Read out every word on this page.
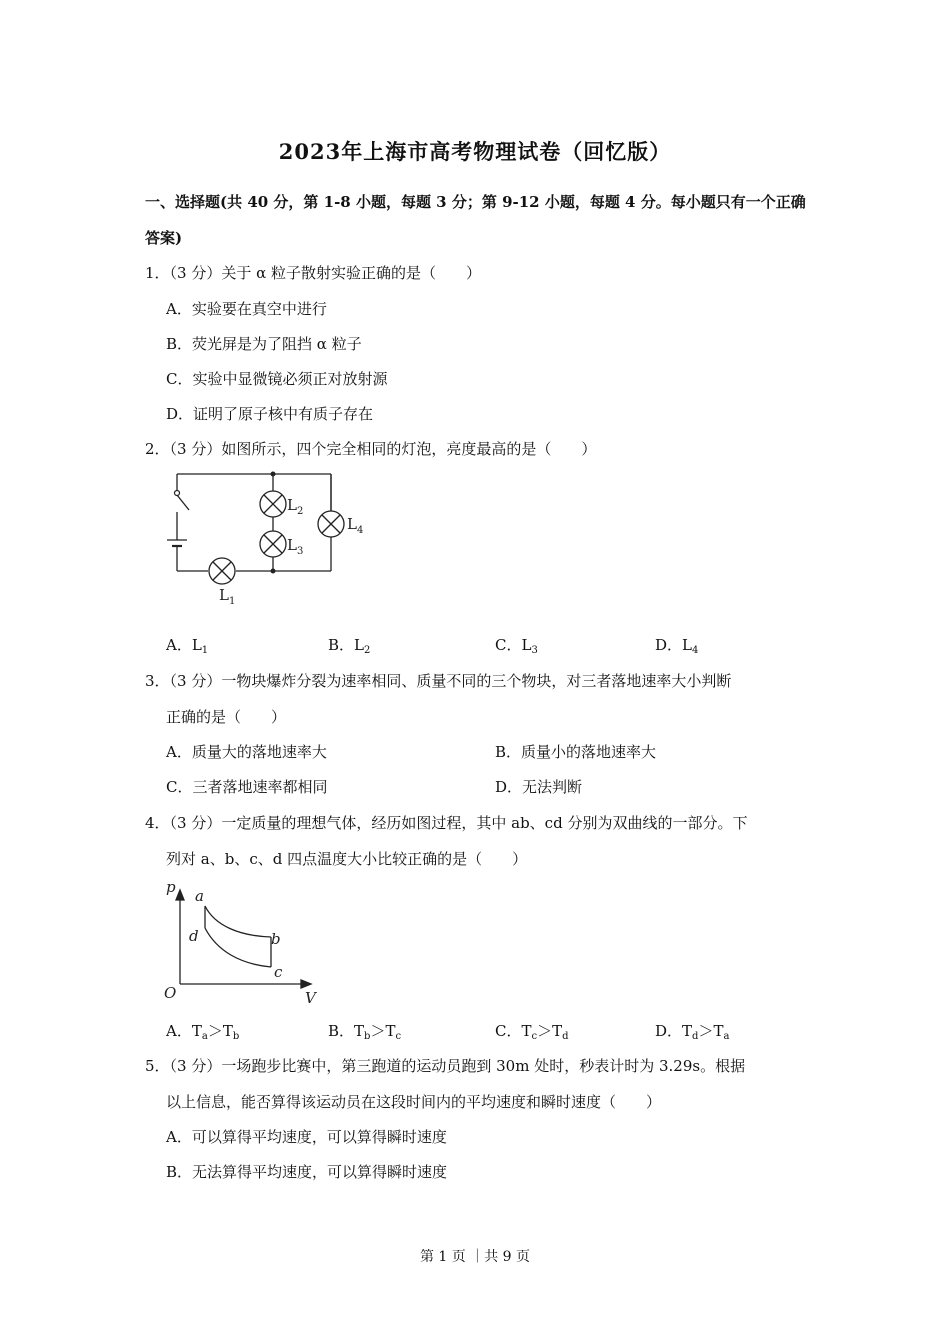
2023年上海市高考物理试卷（回忆版）
一、选择题(共 40 分，第 1-8 小题，每题 3 分；第 9-12 小题，每题 4 分。每小题只有一个正确答案)
1．（3 分）关于 α 粒子散射实验正确的是（　　）
A．实验要在真空中进行
B．荧光屏是为了阻挡 α 粒子
C．实验中显微镜必须正对放射源
D．证明了原子核中有质子存在
2．（3 分）如图所示，四个完全相同的灯泡，亮度最高的是（　　）
$L_2$
$L_3$
$L_4$
$L_1$
A．$L_1$	B．$L_2$	C．$L_3$	D．$L_4$
3．（3 分）一物块爆炸分裂为速率相同、质量不同的三个物块，对三者落地速率大小判断
正确的是（　　）
A．质量大的落地速率大	B．质量小的落地速率大
C．三者落地速率都相同	D．无法判断
4．（3 分）一定质量的理想气体，经历如图过程，其中 ab、cd 分别为双曲线的一部分。下
列对 a、b、c、d 四点温度大小比较正确的是（　　）
p
V
O
a
b
c
d
A．$T_a>T_b$	B．$T_b>T_c$	C．$T_c>T_d$	D．$T_d>T_a$
5．（3 分）一场跑步比赛中，第三跑道的运动员跑到 30m 处时，秒表计时为 3.29s。根据
以上信息，能否算得该运动员在这段时间内的平均速度和瞬时速度（　　）
A．可以算得平均速度，可以算得瞬时速度
B．无法算得平均速度，可以算得瞬时速度
第 1 页 ｜共 9 页
